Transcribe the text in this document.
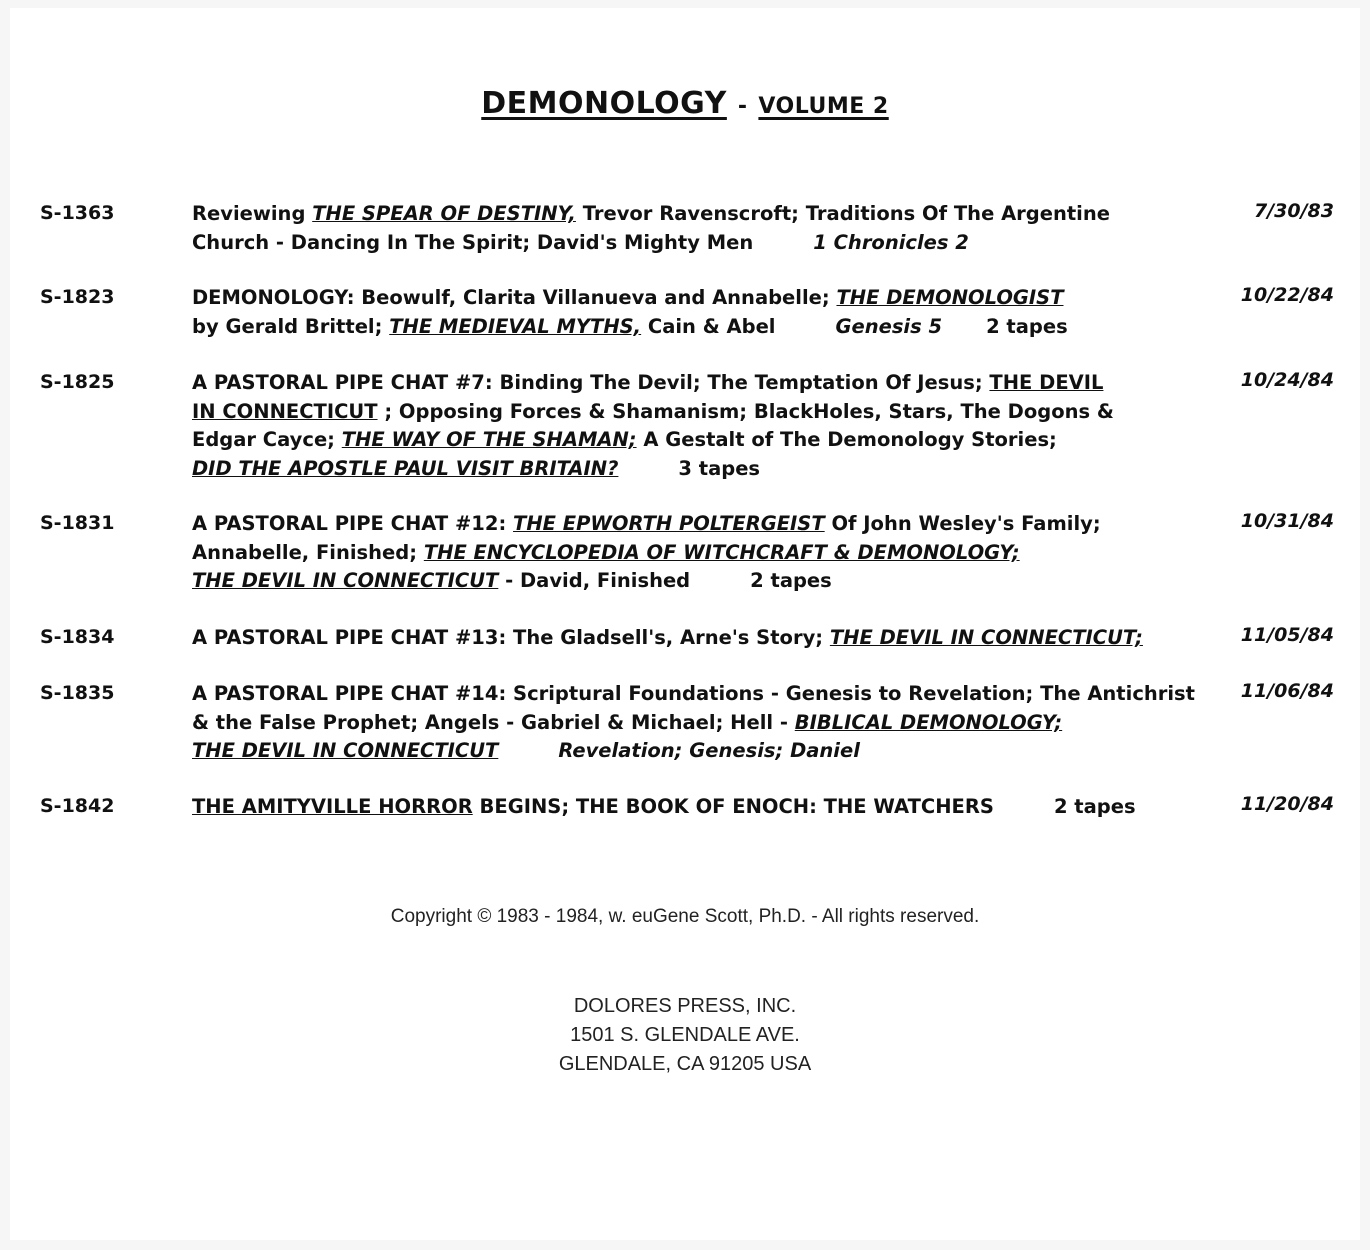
DEMONOLOGY - VOLUME 2
S-1363	Reviewing THE SPEAR OF DESTINY, Trevor Ravenscroft; Traditions Of The Argentine
Church - Dancing In The Spirit; David's Mighty Men	1 Chronicles 2
7/30/83
S-1823	DEMONOLOGY: Beowulf, Clarita Villanueva and Annabelle; THE DEMONOLOGIST
by Gerald Brittel; THE MEDIEVAL MYTHS, Cain & Abel	Genesis 5 2 tapes
10/22/84
S-1825	A PASTORAL PIPE CHAT #7: Binding The Devil; The Temptation Of Jesus; THE DEVIL
IN CONNECTICUT ; Opposing Forces & Shamanism; BlackHoles, Stars, The Dogons &
Edgar Cayce; THE WAY OF THE SHAMAN; A Gestalt of The Demonology Stories;
DID THE APOSTLE PAUL VISIT BRITAIN?	3 tapes
10/24/84
S-1831	A PASTORAL PIPE CHAT #12: THE EPWORTH POLTERGEIST Of John Wesley's Family;
Annabelle, Finished; THE ENCYCLOPEDIA OF WITCHCRAFT & DEMONOLOGY;
THE DEVIL IN CONNECTICUT - David, Finished	2 tapes
10/31/84
S-1834	A PASTORAL PIPE CHAT #13: The Gladsell's, Arne's Story; THE DEVIL IN CONNECTICUT;	11/05/84
S-1835	A PASTORAL PIPE CHAT #14: Scriptural Foundations - Genesis to Revelation; The Antichrist
& the False Prophet; Angels - Gabriel & Michael; Hell - BIBLICAL DEMONOLOGY;
THE DEVIL IN CONNECTICUT	Revelation; Genesis; Daniel
11/06/84
S-1842	THE AMITYVILLE HORROR BEGINS; THE BOOK OF ENOCH: THE WATCHERS	2 tapes	11/20/84
Copyright © 1983 - 1984, w. euGene Scott, Ph.D. - All rights reserved.
DOLORES PRESS, INC.
1501 S. GLENDALE AVE.
GLENDALE, CA 91205 USA
